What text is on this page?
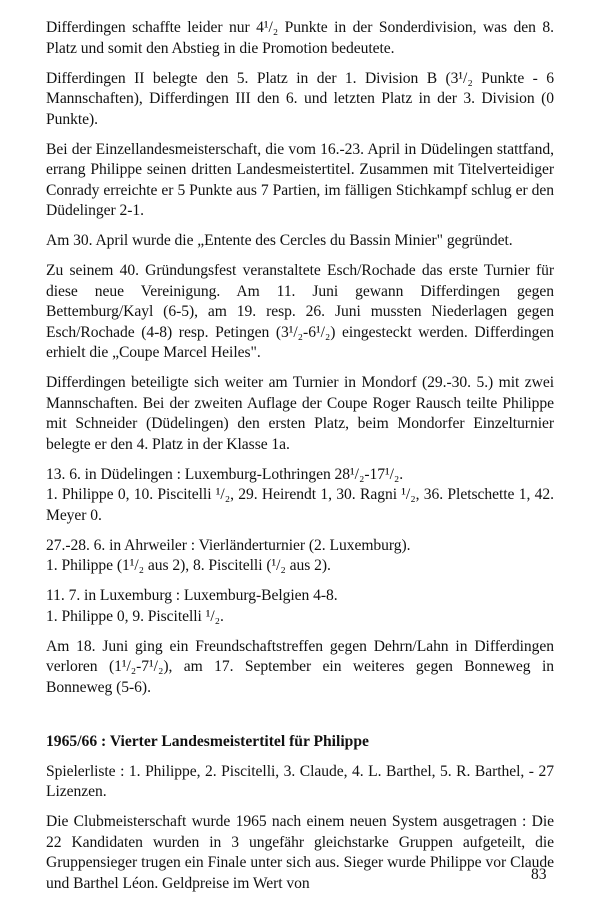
Differdingen schaffte leider nur 4¹/₂ Punkte in der Sonderdivision, was den 8. Platz und somit den Abstieg in die Promotion bedeutete.

Differdingen II belegte den 5. Platz in der 1. Division B (3¹/₂ Punkte - 6 Mannschaften), Differdingen III den 6. und letzten Platz in der 3. Division (0 Punkte).

Bei der Einzellandesmeisterschaft, die vom 16.-23. April in Düdelingen stattfand, errang Philippe seinen dritten Landesmeistertitel. Zusammen mit Titelverteidiger Conrady erreichte er 5 Punkte aus 7 Partien, im fälligen Stichkampf schlug er den Düdelinger 2-1.

Am 30. April wurde die „Entente des Cercles du Bassin Minier" gegründet.

Zu seinem 40. Gründungsfest veranstaltete Esch/Rochade das erste Turnier für diese neue Vereinigung. Am 11. Juni gewann Differdingen gegen Bettemburg/Kayl (6-5), am 19. resp. 26. Juni mussten Niederlagen gegen Esch/Rochade (4-8) resp. Petingen (3¹/₂-6¹/₂) eingesteckt werden. Differdingen erhielt die „Coupe Marcel Heiles".

Differdingen beteiligte sich weiter am Turnier in Mondorf (29.-30. 5.) mit zwei Mannschaften. Bei der zweiten Auflage der Coupe Roger Rausch teilte Philippe mit Schneider (Düdelingen) den ersten Platz, beim Mondorfer Einzelturnier belegte er den 4. Platz in der Klasse 1a.

13. 6. in Düdelingen : Luxemburg-Lothringen 28¹/₂-17¹/₂.
1. Philippe 0, 10. Piscitelli ¹/₂, 29. Heirendt 1, 30. Ragni ¹/₂, 36. Pletschette 1, 42. Meyer 0.

27.-28. 6. in Ahrweiler : Vierländerturnier (2. Luxemburg).
1. Philippe (1¹/₂ aus 2), 8. Piscitelli (¹/₂ aus 2).

11. 7. in Luxemburg : Luxemburg-Belgien 4-8.
1. Philippe 0, 9. Piscitelli ¹/₂.

Am 18. Juni ging ein Freundschaftstreffen gegen Dehrn/Lahn in Differdingen verloren (1¹/₂-7¹/₂), am 17. September ein weiteres gegen Bonneweg in Bonneweg (5-6).

1965/66 : Vierter Landesmeistertitel für Philippe

Spielerliste : 1. Philippe, 2. Piscitelli, 3. Claude, 4. L. Barthel, 5. R. Barthel, - 27 Lizenzen.

Die Clubmeisterschaft wurde 1965 nach einem neuen System ausgetragen : Die 22 Kandidaten wurden in 3 ungefähr gleichstarke Gruppen aufgeteilt, die Gruppensieger trugen ein Finale unter sich aus. Sieger wurde Philippe vor Claude und Barthel Léon. Geldpreise im Wert von	83
